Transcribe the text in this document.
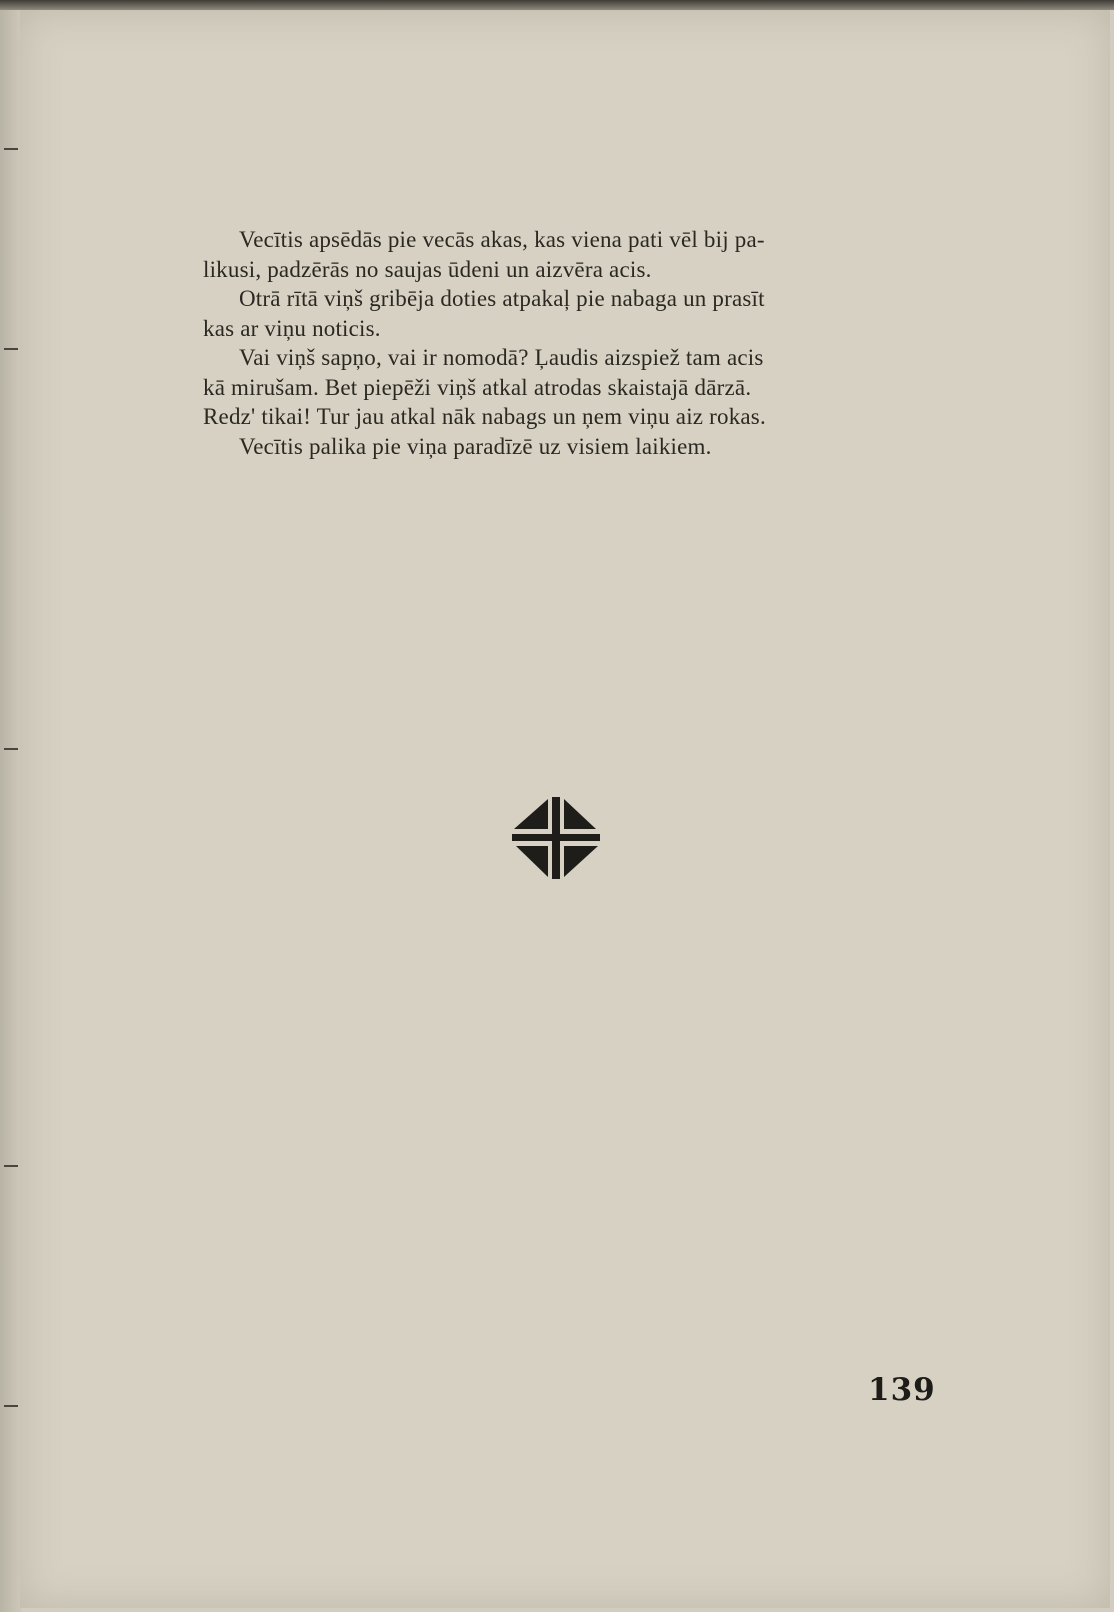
Vecītis apsēdās pie vecās akas, kas viena pati vēl bij pa-
likusi, padzērās no saujas ūdeni un aizvēra acis.

Otrā rītā viņš gribēja doties atpakaļ pie nabaga un prasīt
kas ar viņu noticis.

Vai viņš sapņo, vai ir nomodā? Ļaudis aizspiež tam acis
kā mirušam. Bet piepēži viņš atkal atrodas skaistajā dārzā.
Redz' tikai! Tur jau atkal nāk nabags un ņem viņu aiz rokas.

Vecītis palika pie viņa paradīzē uz visiem laikiem.

139
